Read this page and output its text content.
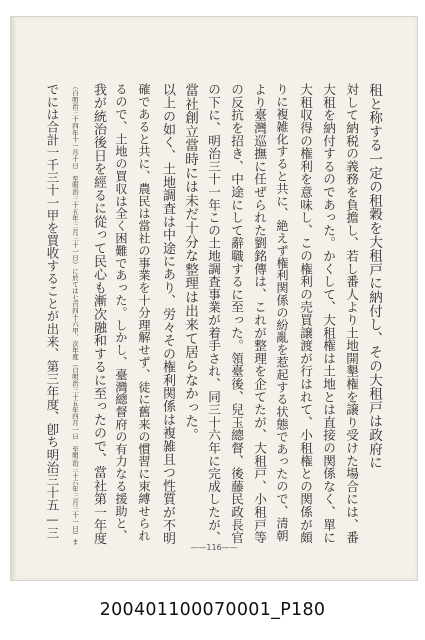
租と称する一定の租穀を大租戸に納付し、その大租戸は政府に
対して納税の義務を負擔し、若し番人より土地開墾権を譲り受けた場合には、番
大租を納付するのであった。かくして、大租権は土地とは直接の関係なく、單に
大租収得の権利を意味し、この権利の売買譲渡が行はれて、小租権との関係が頗
りに複雑化すると共に、絶えず権利関係の紛亂を惹起する状態であったので、清朝
より臺灣巡撫に任ぜられた劉銘傳は、これが整理を企てたが、大租戸、小租戸等
の反抗を招き、中途にして辭職するに至った。領臺後、兒玉總督、後藤民政長官
の下に、明治三十一年この土地調査事業が着手され、同三十六年に完成したが、
當社創立當時には未だ十分な整理は出来て居らなかった。
以上の如く、土地調査は中途にあり、労々その権利関係は複雑且つ性質が不明
確であると共に、農民は當社の事業を十分理解せず、徒に舊来の慣習に束縛せられ
るので、土地の買収は全く困難であった。しかし、臺灣總督府の有力なる援助と、
我が統治後日を經るに從って民心も漸次融和するに至ったので、當社第一年度
（自明治三十四年十一月十日　至明治三十五年三月三十一日）に於ては七百四十六甲、次年度（自明治三十五年四月一日　至明治三十六年三月三十一日）ま
でには合計一千三十一甲を買收することが出来、第三年度、卽ち明治三十五—三
——116——
200401100070001_P180
